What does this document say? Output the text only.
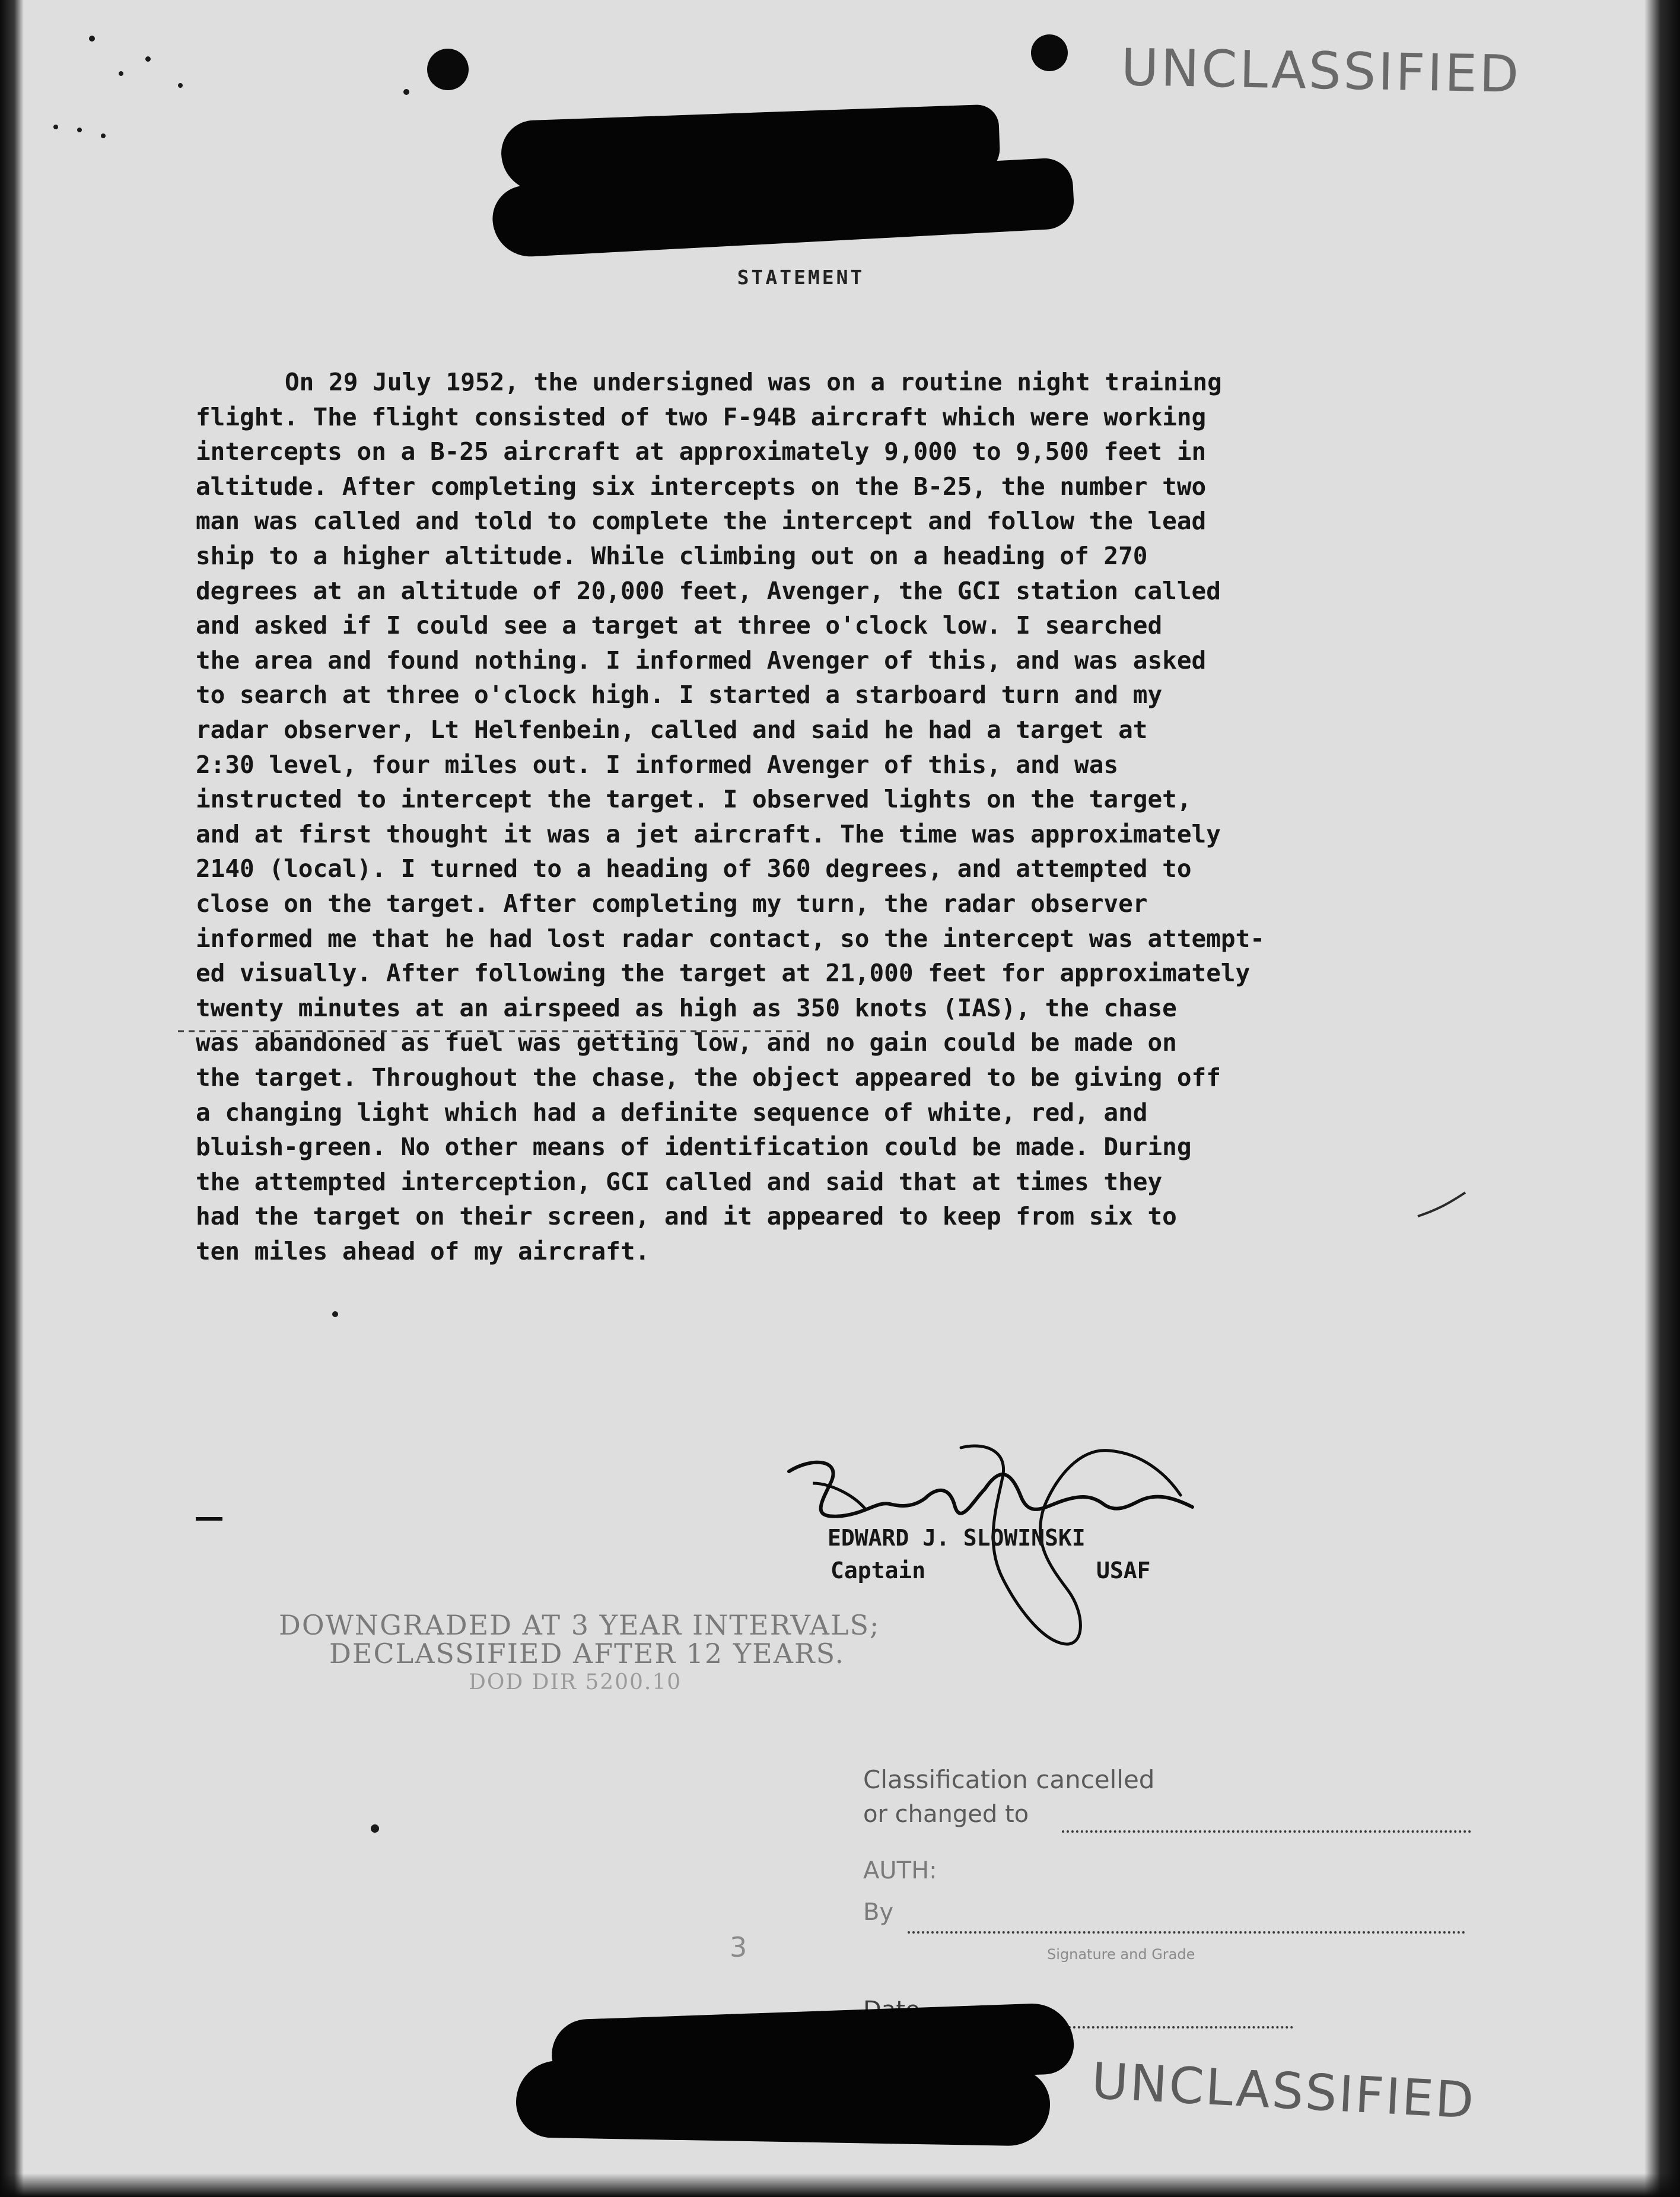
UNCLASSIFIED
STATEMENT
On 29 July 1952, the undersigned was on a routine night training
flight. The flight consisted of two F-94B aircraft which were working
intercepts on a B-25 aircraft at approximately 9,000 to 9,500 feet in
altitude. After completing six intercepts on the B-25, the number two
man was called and told to complete the intercept and follow the lead
ship to a higher altitude. While climbing out on a heading of 270
degrees at an altitude of 20,000 feet, Avenger, the GCI station called
and asked if I could see a target at three o'clock low. I searched
the area and found nothing. I informed Avenger of this, and was asked
to search at three o'clock high. I started a starboard turn and my
radar observer, Lt Helfenbein, called and said he had a target at
2:30 level, four miles out. I informed Avenger of this, and was
instructed to intercept the target. I observed lights on the target,
and at first thought it was a jet aircraft. The time was approximately
2140 (local). I turned to a heading of 360 degrees, and attempted to
close on the target. After completing my turn, the radar observer
informed me that he had lost radar contact, so the intercept was attempt-
ed visually. After following the target at 21,000 feet for approximately
twenty minutes at an airspeed as high as 350 knots (IAS), the chase
was abandoned as fuel was getting low, and no gain could be made on
the target. Throughout the chase, the object appeared to be giving off
a changing light which had a definite sequence of white, red, and
bluish-green. No other means of identification could be made. During
the attempted interception, GCI called and said that at times they
had the target on their screen, and it appeared to keep from six to
ten miles ahead of my aircraft.
EDWARD J. SLOWINSKI
Captain	USAF
DOWNGRADED AT 3 YEAR INTERVALS;
DECLASSIFIED AFTER 12 YEARS.
DOD DIR 5200.10
Classification cancelled
or changed to
AUTH:
By
Signature and Grade
3
UNCLASSIFIED
